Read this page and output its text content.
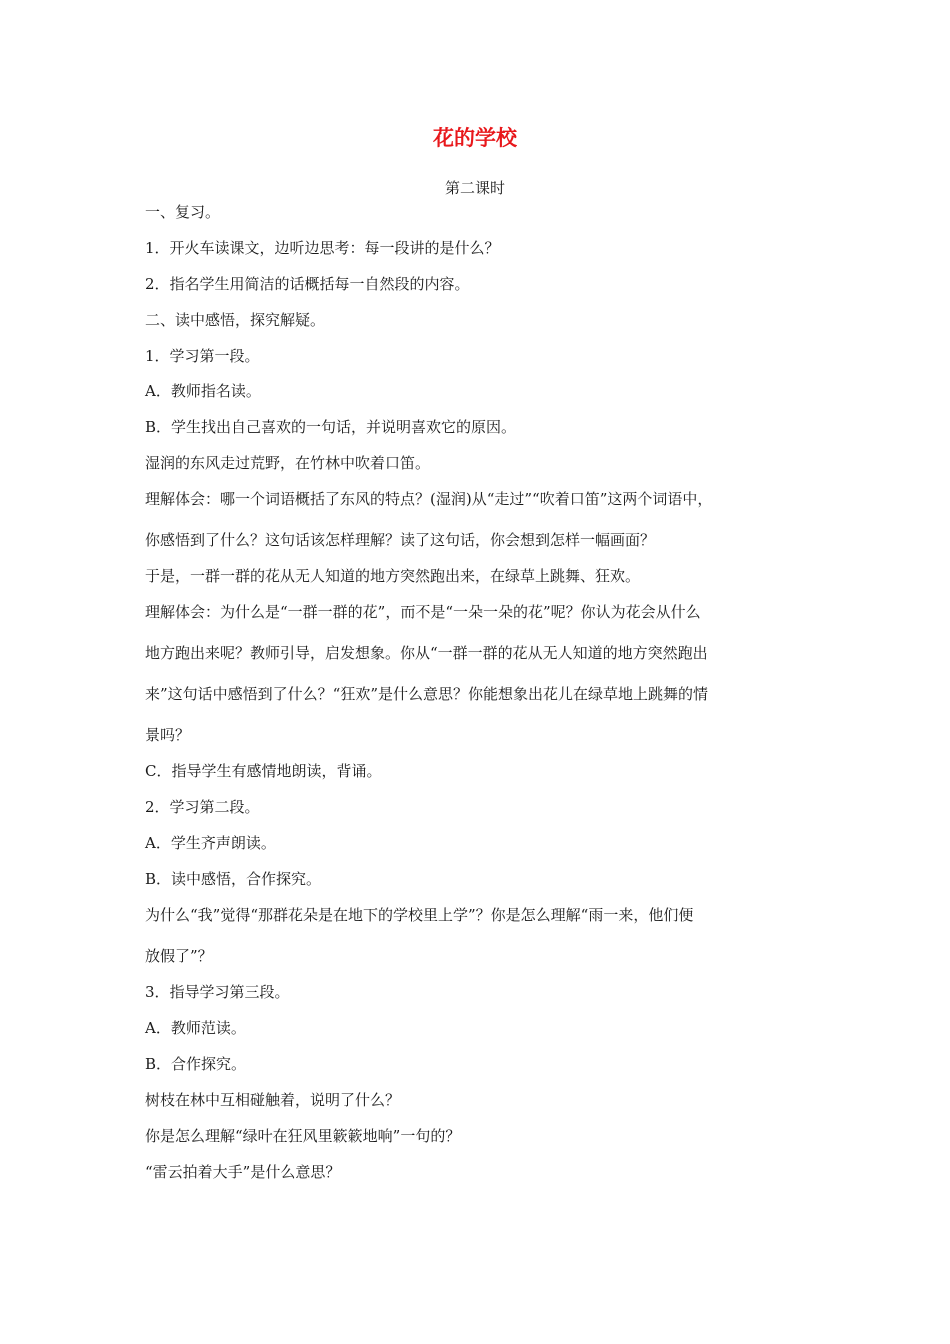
花的学校

第二课时

一、复习。

1．开火车读课文，边听边思考：每一段讲的是什么？

2．指名学生用简洁的话概括每一自然段的内容。

二、读中感悟，探究解疑。

1．学习第一段。

A．教师指名读。

B．学生找出自己喜欢的一句话，并说明喜欢它的原因。

湿润的东风走过荒野，在竹林中吹着口笛。

理解体会：哪一个词语概括了东风的特点？(湿润)从“走过”“吹着口笛”这两个词语中，

你感悟到了什么？这句话该怎样理解？读了这句话，你会想到怎样一幅画面？

于是，一群一群的花从无人知道的地方突然跑出来，在绿草上跳舞、狂欢。

理解体会：为什么是“一群一群的花”，而不是“一朵一朵的花”呢？你认为花会从什么

地方跑出来呢？教师引导，启发想象。你从“一群一群的花从无人知道的地方突然跑出

来”这句话中感悟到了什么？“狂欢”是什么意思？你能想象出花儿在绿草地上跳舞的情

景吗？

C．指导学生有感情地朗读，背诵。

2．学习第二段。

A．学生齐声朗读。

B．读中感悟，合作探究。

为什么“我”觉得“那群花朵是在地下的学校里上学”？你是怎么理解“雨一来，他们便

放假了”？

3．指导学习第三段。

A．教师范读。

B．合作探究。

树枝在林中互相碰触着，说明了什么？

你是怎么理解“绿叶在狂风里簌簌地响”一句的？

“雷云拍着大手”是什么意思？
